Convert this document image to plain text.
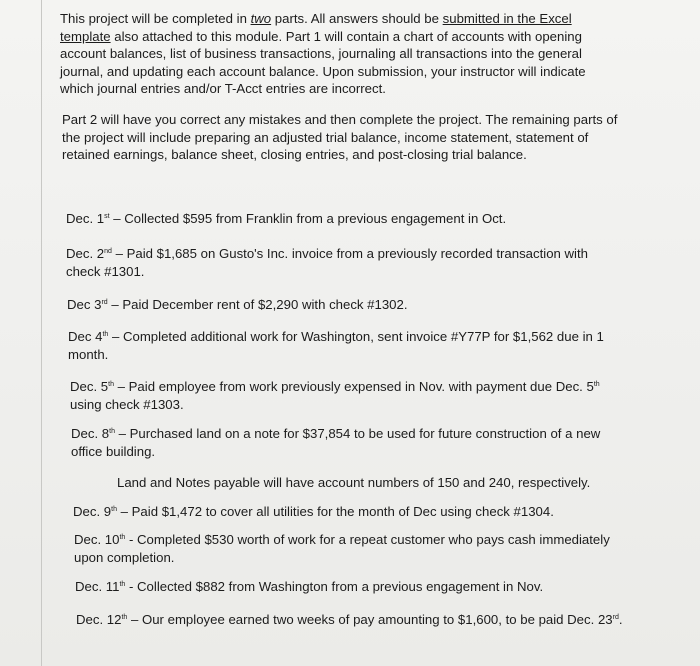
This project will be completed in two parts. All answers should be submitted in the Excel template also attached to this module. Part 1 will contain a chart of accounts with opening account balances, list of business transactions, journaling all transactions into the general journal, and updating each account balance. Upon submission, your instructor will indicate which journal entries and/or T-Acct entries are incorrect.

Part 2 will have you correct any mistakes and then complete the project. The remaining parts of the project will include preparing an adjusted trial balance, income statement, statement of retained earnings, balance sheet, closing entries, and post-closing trial balance.

Dec. 1st – Collected $595 from Franklin from a previous engagement in Oct.

Dec. 2nd – Paid $1,685 on Gusto's Inc. invoice from a previously recorded transaction with check #1301.

Dec 3rd – Paid December rent of $2,290 with check #1302.

Dec 4th – Completed additional work for Washington, sent invoice #Y77P for $1,562 due in 1 month.

Dec. 5th – Paid employee from work previously expensed in Nov. with payment due Dec. 5th using check #1303.

Dec. 8th – Purchased land on a note for $37,854 to be used for future construction of a new office building.

Land and Notes payable will have account numbers of 150 and 240, respectively.

Dec. 9th – Paid $1,472 to cover all utilities for the month of Dec using check #1304.

Dec. 10th - Completed $530 worth of work for a repeat customer who pays cash immediately upon completion.

Dec. 11th - Collected $882 from Washington from a previous engagement in Nov.

Dec. 12th – Our employee earned two weeks of pay amounting to $1,600, to be paid Dec. 23rd.
